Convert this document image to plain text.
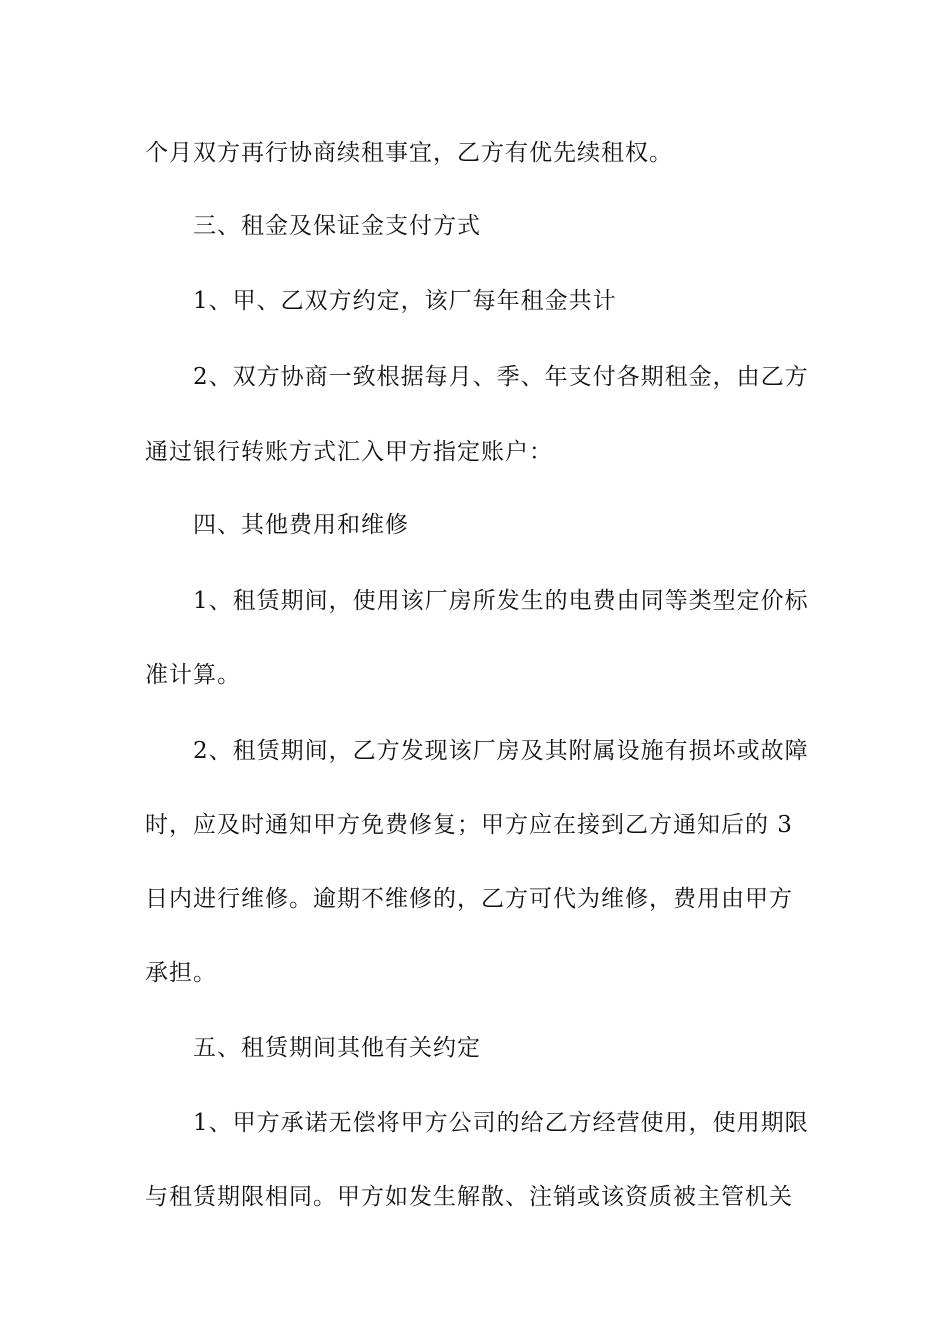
个月双方再行协商续租事宜，乙方有优先续租权。
三、租金及保证金支付方式
1、甲、乙双方约定，该厂每年租金共计
2、双方协商一致根据每月、季、年支付各期租金，由乙方
通过银行转账方式汇入甲方指定账户：
四、其他费用和维修
1、租赁期间，使用该厂房所发生的电费由同等类型定价标
准计算。
2、租赁期间，乙方发现该厂房及其附属设施有损坏或故障
时，应及时通知甲方免费修复；甲方应在接到乙方通知后的 3
日内进行维修。逾期不维修的，乙方可代为维修，费用由甲方
承担。
五、租赁期间其他有关约定
1、甲方承诺无偿将甲方公司的给乙方经营使用，使用期限
与租赁期限相同。甲方如发生解散、注销或该资质被主管机关
